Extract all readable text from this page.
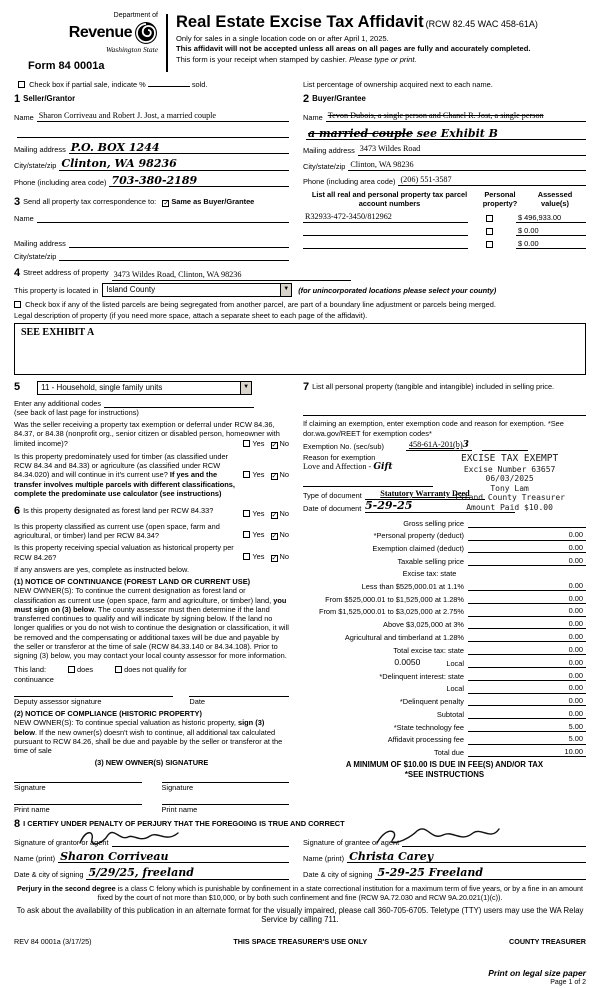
Department of
Revenue
Washington State
Form 84 0001a
Real Estate Excise Tax Affidavit (RCW 82.45 WAC 458-61A)
Only for sales in a single location code on or after April 1, 2025.
This affidavit will not be accepted unless all areas on all pages are fully and accurately completed.
This form is your receipt when stamped by cashier. Please type or print.
Check box if partial sale, indicate %	sold.	List percentage of ownership acquired next to each name.
1 Seller/Grantor
Name Sharon Corriveau and Robert J. Jost, a married couple
Mailing address P.O. BOX 1244
City/state/zip Clinton, WA 98236
Phone (including area code) 703-380-2189
3 Send all property tax correspondence to: ✓ Same as Buyer/Grantee
Name
Mailing address
City/state/zip
2 Buyer/Grantee
Name Tevon Dubois, a single person and Chanel R. Jost, a single person
a married couple see Exhibit B
Mailing address 3473 Wildes Road
City/state/zip Clinton, WA 98236
Phone (including area code) (206) 551-3587
List all real and personal property tax parcel account numbers
Personal property?
Assessed value(s)
R32933-472-3450/812962	$ 496,933.00
$ 0.00
$ 0.00
4 Street address of property 3473 Wildes Road, Clinton, WA 98236
This property is located in	Island County	▼ (for unincorporated locations please select your county)
Check box if any of the listed parcels are being segregated from another parcel, are part of a boundary line adjustment or parcels being merged.
Legal description of property (if you need more space, attach a separate sheet to each page of the affidavit).
SEE EXHIBIT A
5	11 - Household, single family units	▼
Enter any additional codes
(see back of last page for instructions)
Was the seller receiving a property tax exemption or deferral under RCW 84.36, 84.37, or 84.38 (nonprofit org., senior citizen or disabled person, homeowner with limited income)?	Yes ✓ No
Is this property predominately used for timber (as classified under RCW 84.34 and 84.33) or agriculture (as classified under RCW 84.34.020) and will continue in it's current use? If yes and the transfer involves multiple parcels with different classifications, complete the predominate use calculator (see instructions)
Yes ✓ No
6 Is this property designated as forest land per RCW 84.33?	Yes ✓ No
Is this property classified as current use (open space, farm and agricultural, or timber) land per RCW 84.34?	Yes ✓ No
Is this property receiving special valuation as historical property per RCW 84.26?	Yes ✓ No
If any answers are yes, complete as instructed below.
(1) NOTICE OF CONTINUANCE (FOREST LAND OR CURRENT USE)
NEW OWNER(S): To continue the current designation as forest land or classification as current use (open space, farm and agriculture, or timber) land, you must sign on (3) below. The county assessor must then determine if the land transferred continues to qualify and will indicate by signing below. If the land no longer qualifies or you do not wish to continue the designation or classification, it will be removed and the compensating or additional taxes will be due and payable by the seller or transferor at the time of sale (RCW 84.33.140 or 84.34.108). Prior to signing (3) below, you may contact your local county assessor for more information.
This land:	does	does not qualify for
continuance
Deputy assessor signature	Date
(2) NOTICE OF COMPLIANCE (HISTORIC PROPERTY)
NEW OWNER(S): To continue special valuation as historic property, sign (3) below. If the new owner(s) doesn't wish to continue, all additional tax calculated pursuant to RCW 84.26, shall be due and payable by the seller or transferor at the time of sale
(3) NEW OWNER(S) SIGNATURE
Signature	Signature
Print name	Print name
7 List all personal property (tangible and intangible) included in selling price.
If claiming an exemption, enter exemption code and reason for exemption. *See dor.wa.gov/REET for exemption codes*
Exemption No. (sec/sub)	458-61A-201(b)3
Reason for exemption
Love and Affection - Gift
Type of document
Date of document
EXCISE TAX EXEMPT
Excise Number 63657
06/03/2025
Tony Lam
Island County Treasurer
Amount Paid $10.00
Statutory Warranty Deed
5-29-25
Gross selling price
*Personal property (deduct)	0.00
Exemption claimed (deduct)	0.00
Taxable selling price	0.00
Excise tax: state
Less than $525,000.01 at 1.1%	0.00
From $525,000.01 to $1,525,000 at 1.28%	0.00
From $1,525,000.01 to $3,025,000 at 2.75%	0.00
Above $3,025,000 at 3%	0.00
Agricultural and timberland at 1.28%	0.00
Total excise tax: state	0.00
0.0050	Local	0.00
*Delinquent interest: state	0.00
Local	0.00
*Delinquent penalty	0.00
Subtotal	0.00
*State technology fee	5.00
Affidavit processing fee	5.00
Total due	10.00
A MINIMUM OF $10.00 IS DUE IN FEE(S) AND/OR TAX
*SEE INSTRUCTIONS
8 I CERTIFY UNDER PENALTY OF PERJURY THAT THE FOREGOING IS TRUE AND CORRECT
Signature of grantor or agent
Name (print) Sharon Corriveau
Date & city of signing 5/29/25, freeland
Signature of grantee or agent
Name (print) Christa Carey
Date & city of signing 5-29-25 Freeland
Perjury in the second degree is a class C felony which is punishable by confinement in a state correctional institution for a maximum term of five years, or by a fine in an amount fixed by the court of not more than $10,000, or by both such confinement and fine (RCW 9A.72.030 and RCW 9A.20.021(1)(c)).
To ask about the availability of this publication in an alternate format for the visually impaired, please call 360-705-6705. Teletype (TTY) users may use the WA Relay Service by calling 711.
REV 84 0001a (3/17/25)	THIS SPACE TREASURER'S USE ONLY	COUNTY TREASURER
Print on legal size paper
Page 1 of 2
